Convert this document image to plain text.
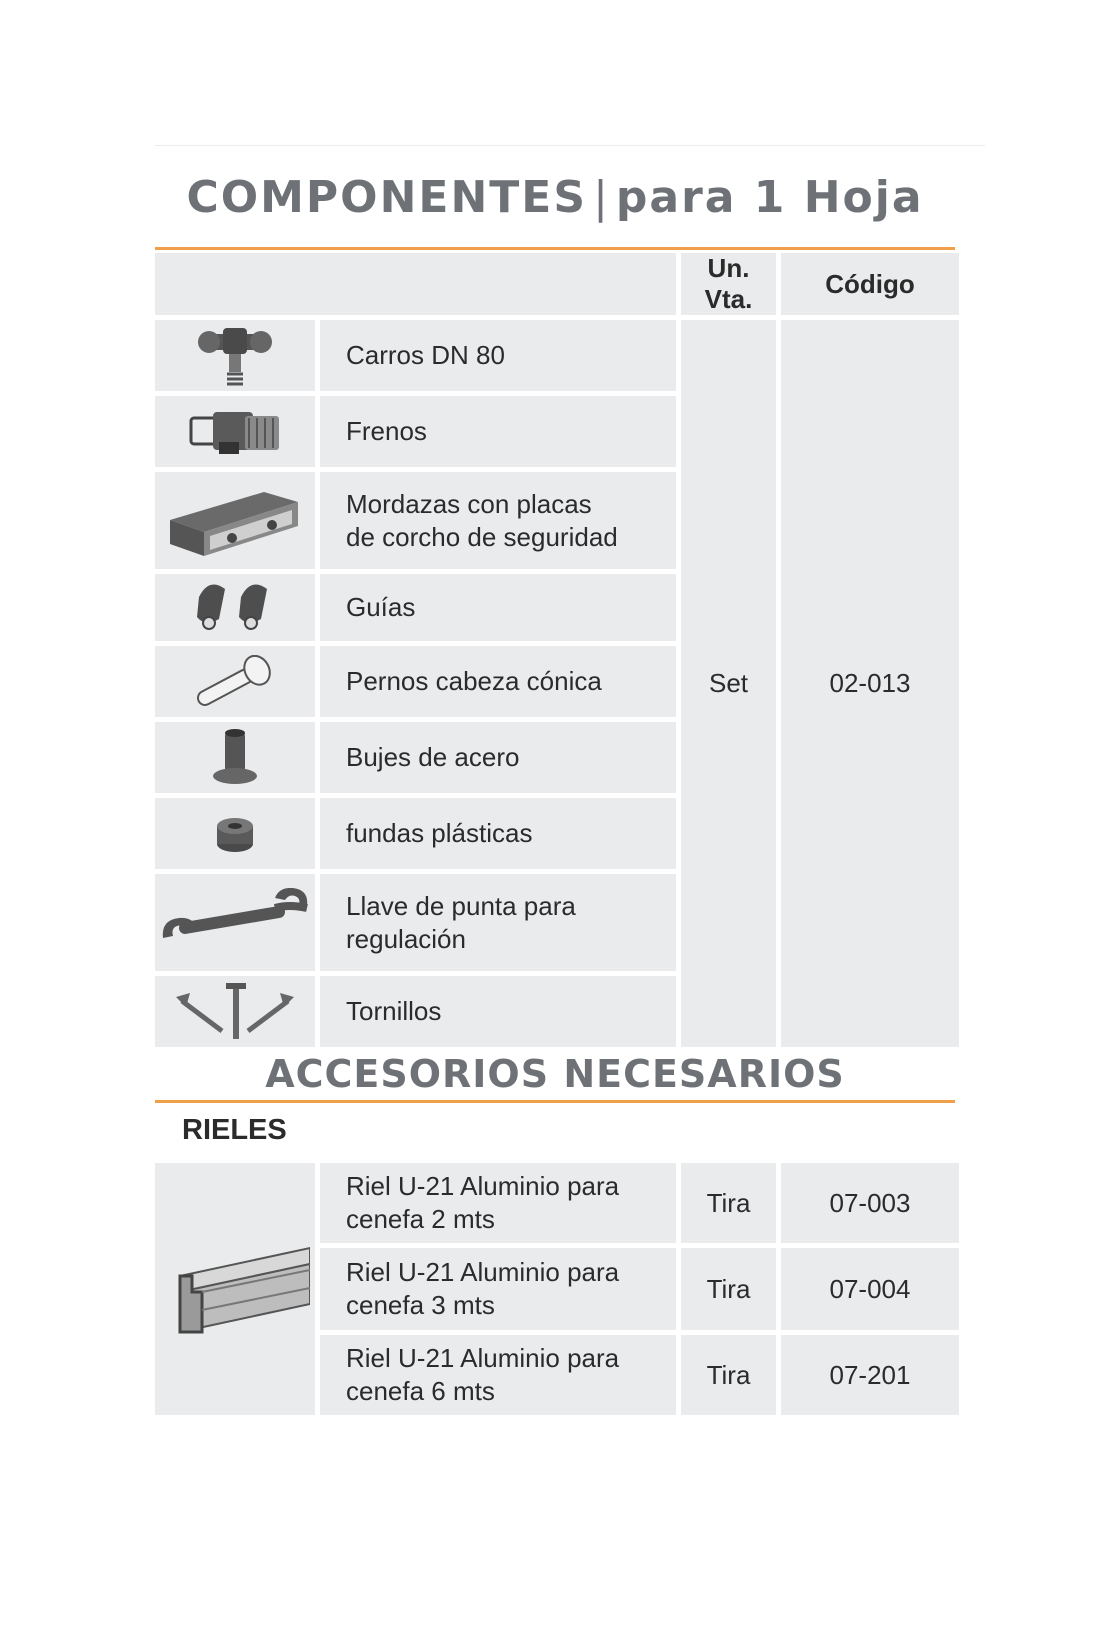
COMPONENTES | para 1 Hoja
		Un. Vta.	Código

	Carros DN 80	Set	02-013

	Frenos		

	Mordazas con placas
de corcho de seguridad		

	Guías		

	Pernos cabeza cónica		

	Bujes de acero		

	fundas plásticas		

	Llave de punta para
regulación		

	Tornillos		
ACCESORIOS NECESARIOS
RIELES
	Riel U-21 Aluminio para
cenefa 2 mts	Tira	07-003
	Riel U-21 Aluminio para
cenefa 3 mts	Tira	07-004
	Riel U-21 Aluminio para
cenefa 6 mts	Tira	07-201
